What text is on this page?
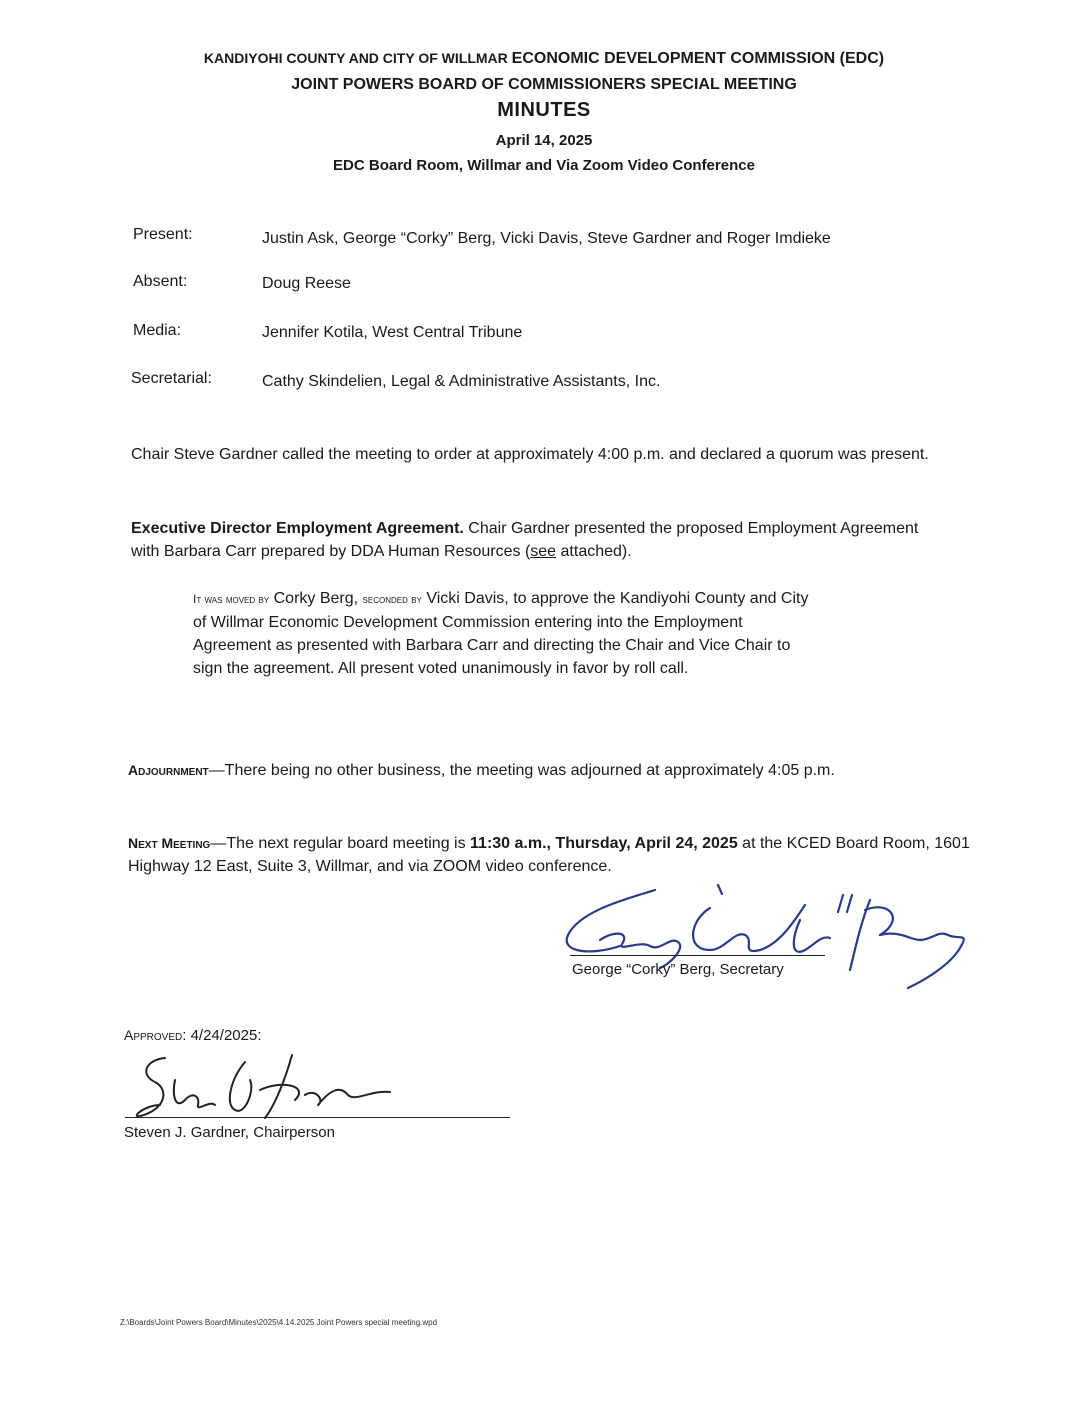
KANDIYOHI COUNTY AND CITY OF WILLMAR ECONOMIC DEVELOPMENT COMMISSION (EDC)
JOINT POWERS BOARD OF COMMISSIONERS SPECIAL MEETING
MINUTES
April 14, 2025
EDC Board Room, Willmar and Via Zoom Video Conference
Present:	Justin Ask, George “Corky” Berg, Vicki Davis, Steve Gardner and Roger Imdieke
Absent:	Doug Reese
Media:	Jennifer Kotila, West Central Tribune
Secretarial:	Cathy Skindelien, Legal & Administrative Assistants, Inc.
Chair Steve Gardner called the meeting to order at approximately 4:00 p.m. and declared a quorum was present.
Executive Director Employment Agreement. Chair Gardner presented the proposed Employment Agreement with Barbara Carr prepared by DDA Human Resources (see attached).
It was moved by Corky Berg, seconded by Vicki Davis, to approve the Kandiyohi County and City of Willmar Economic Development Commission entering into the Employment Agreement as presented with Barbara Carr and directing the Chair and Vice Chair to sign the agreement. All present voted unanimously in favor by roll call.
Adjournment—There being no other business, the meeting was adjourned at approximately 4:05 p.m.
Next Meeting—The next regular board meeting is 11:30 a.m., Thursday, April 24, 2025 at the KCED Board Room, 1601 Highway 12 East, Suite 3, Willmar, and via ZOOM video conference.
George “Corky” Berg, Secretary
Approved: 4/24/2025:
Steven J. Gardner, Chairperson
Z:\Boards\Joint Powers Board\Minutes\2025\4.14.2025 Joint Powers special meeting.wpd
